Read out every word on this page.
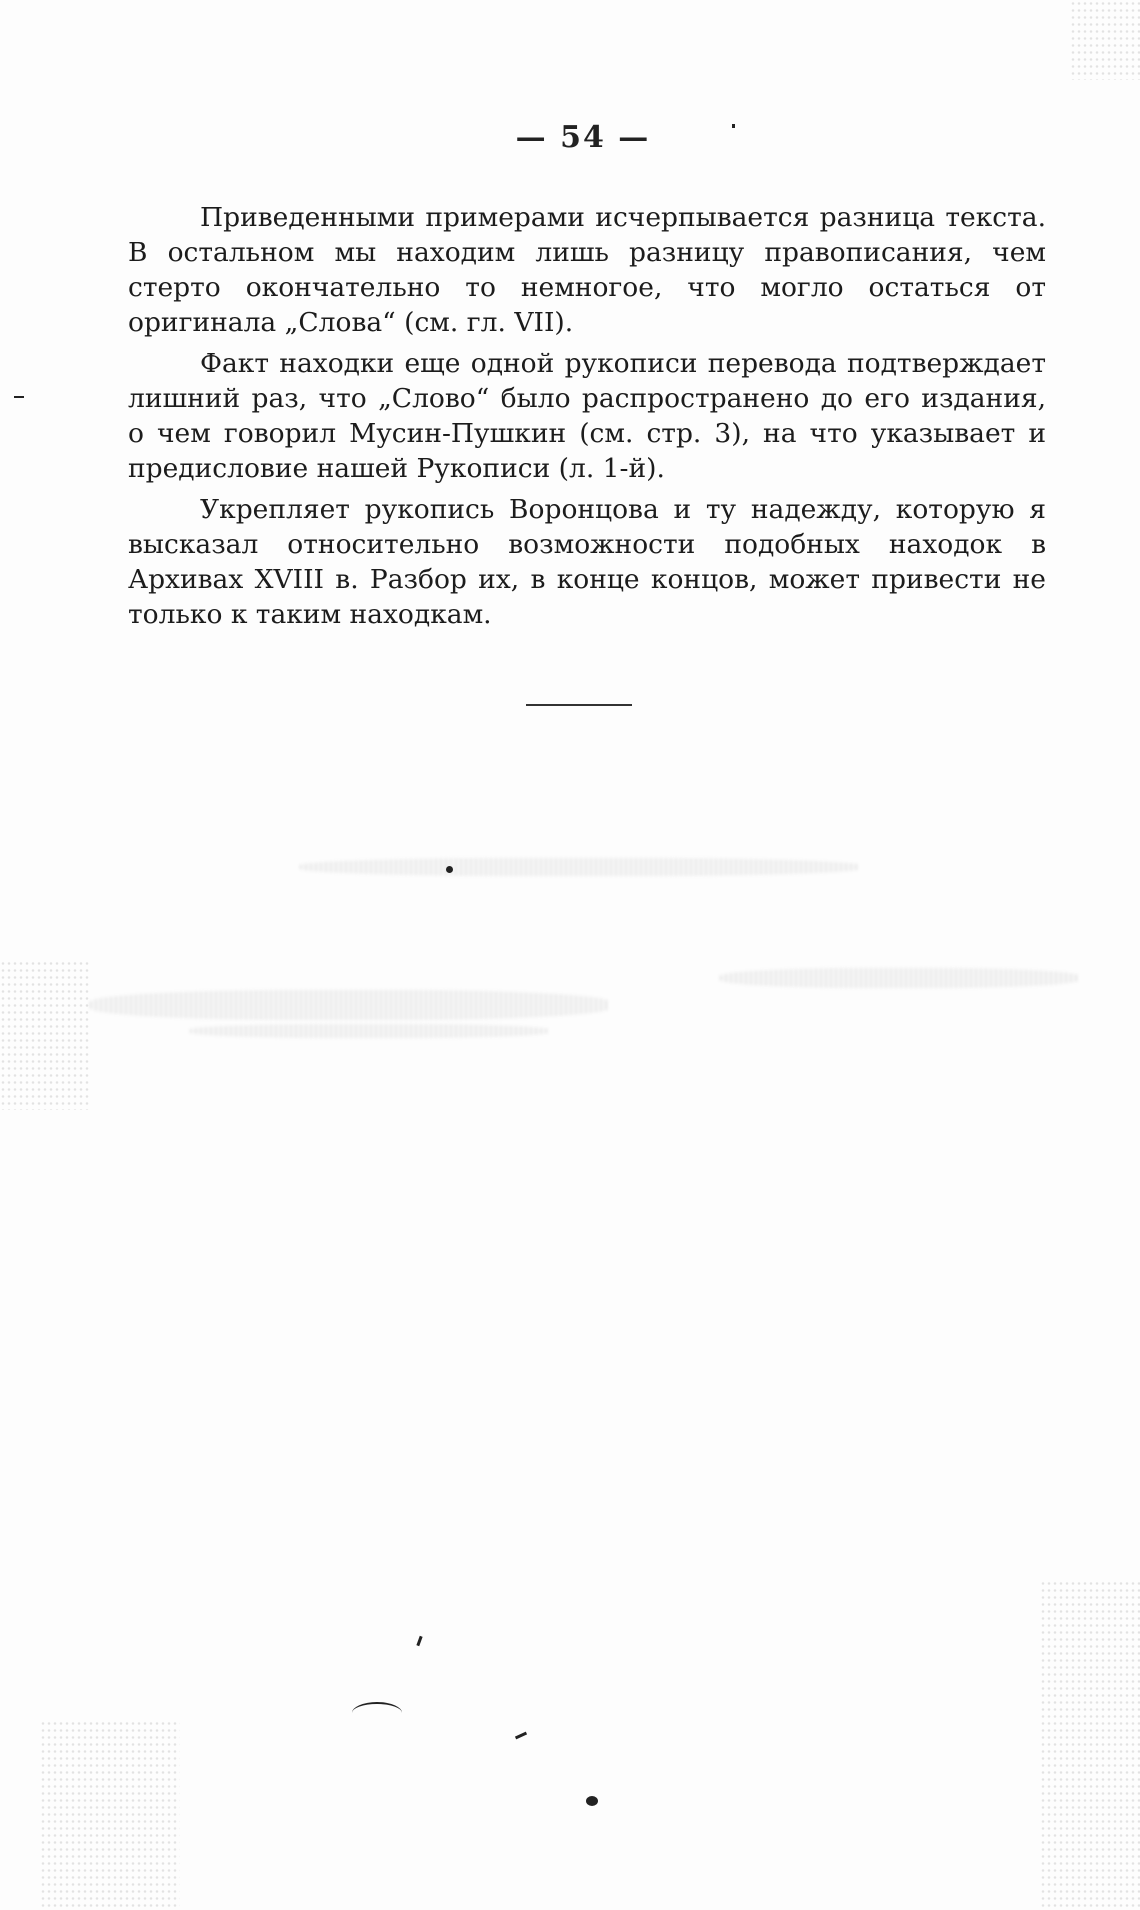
— 54 —

Приведенными примерами исчерпывается разница текста. В остальном мы находим лишь разницу правописания, чем стерто окончательно то немногое, что могло остаться от оригинала „Слова“ (см. гл. VII).

Факт находки еще одной рукописи перевода подтверждает лишний раз, что „Слово“ было распространено до его издания, о чем говорил Мусин-Пушкин (см. стр. 3), на что указывает и предисловие нашей Рукописи (л. 1-й).

Укрепляет рукопись Воронцова и ту надежду, которую я высказал относительно возможности подобных находок в Архивах XVIII в. Разбор их, в конце концов, может привести не только к таким находкам.
